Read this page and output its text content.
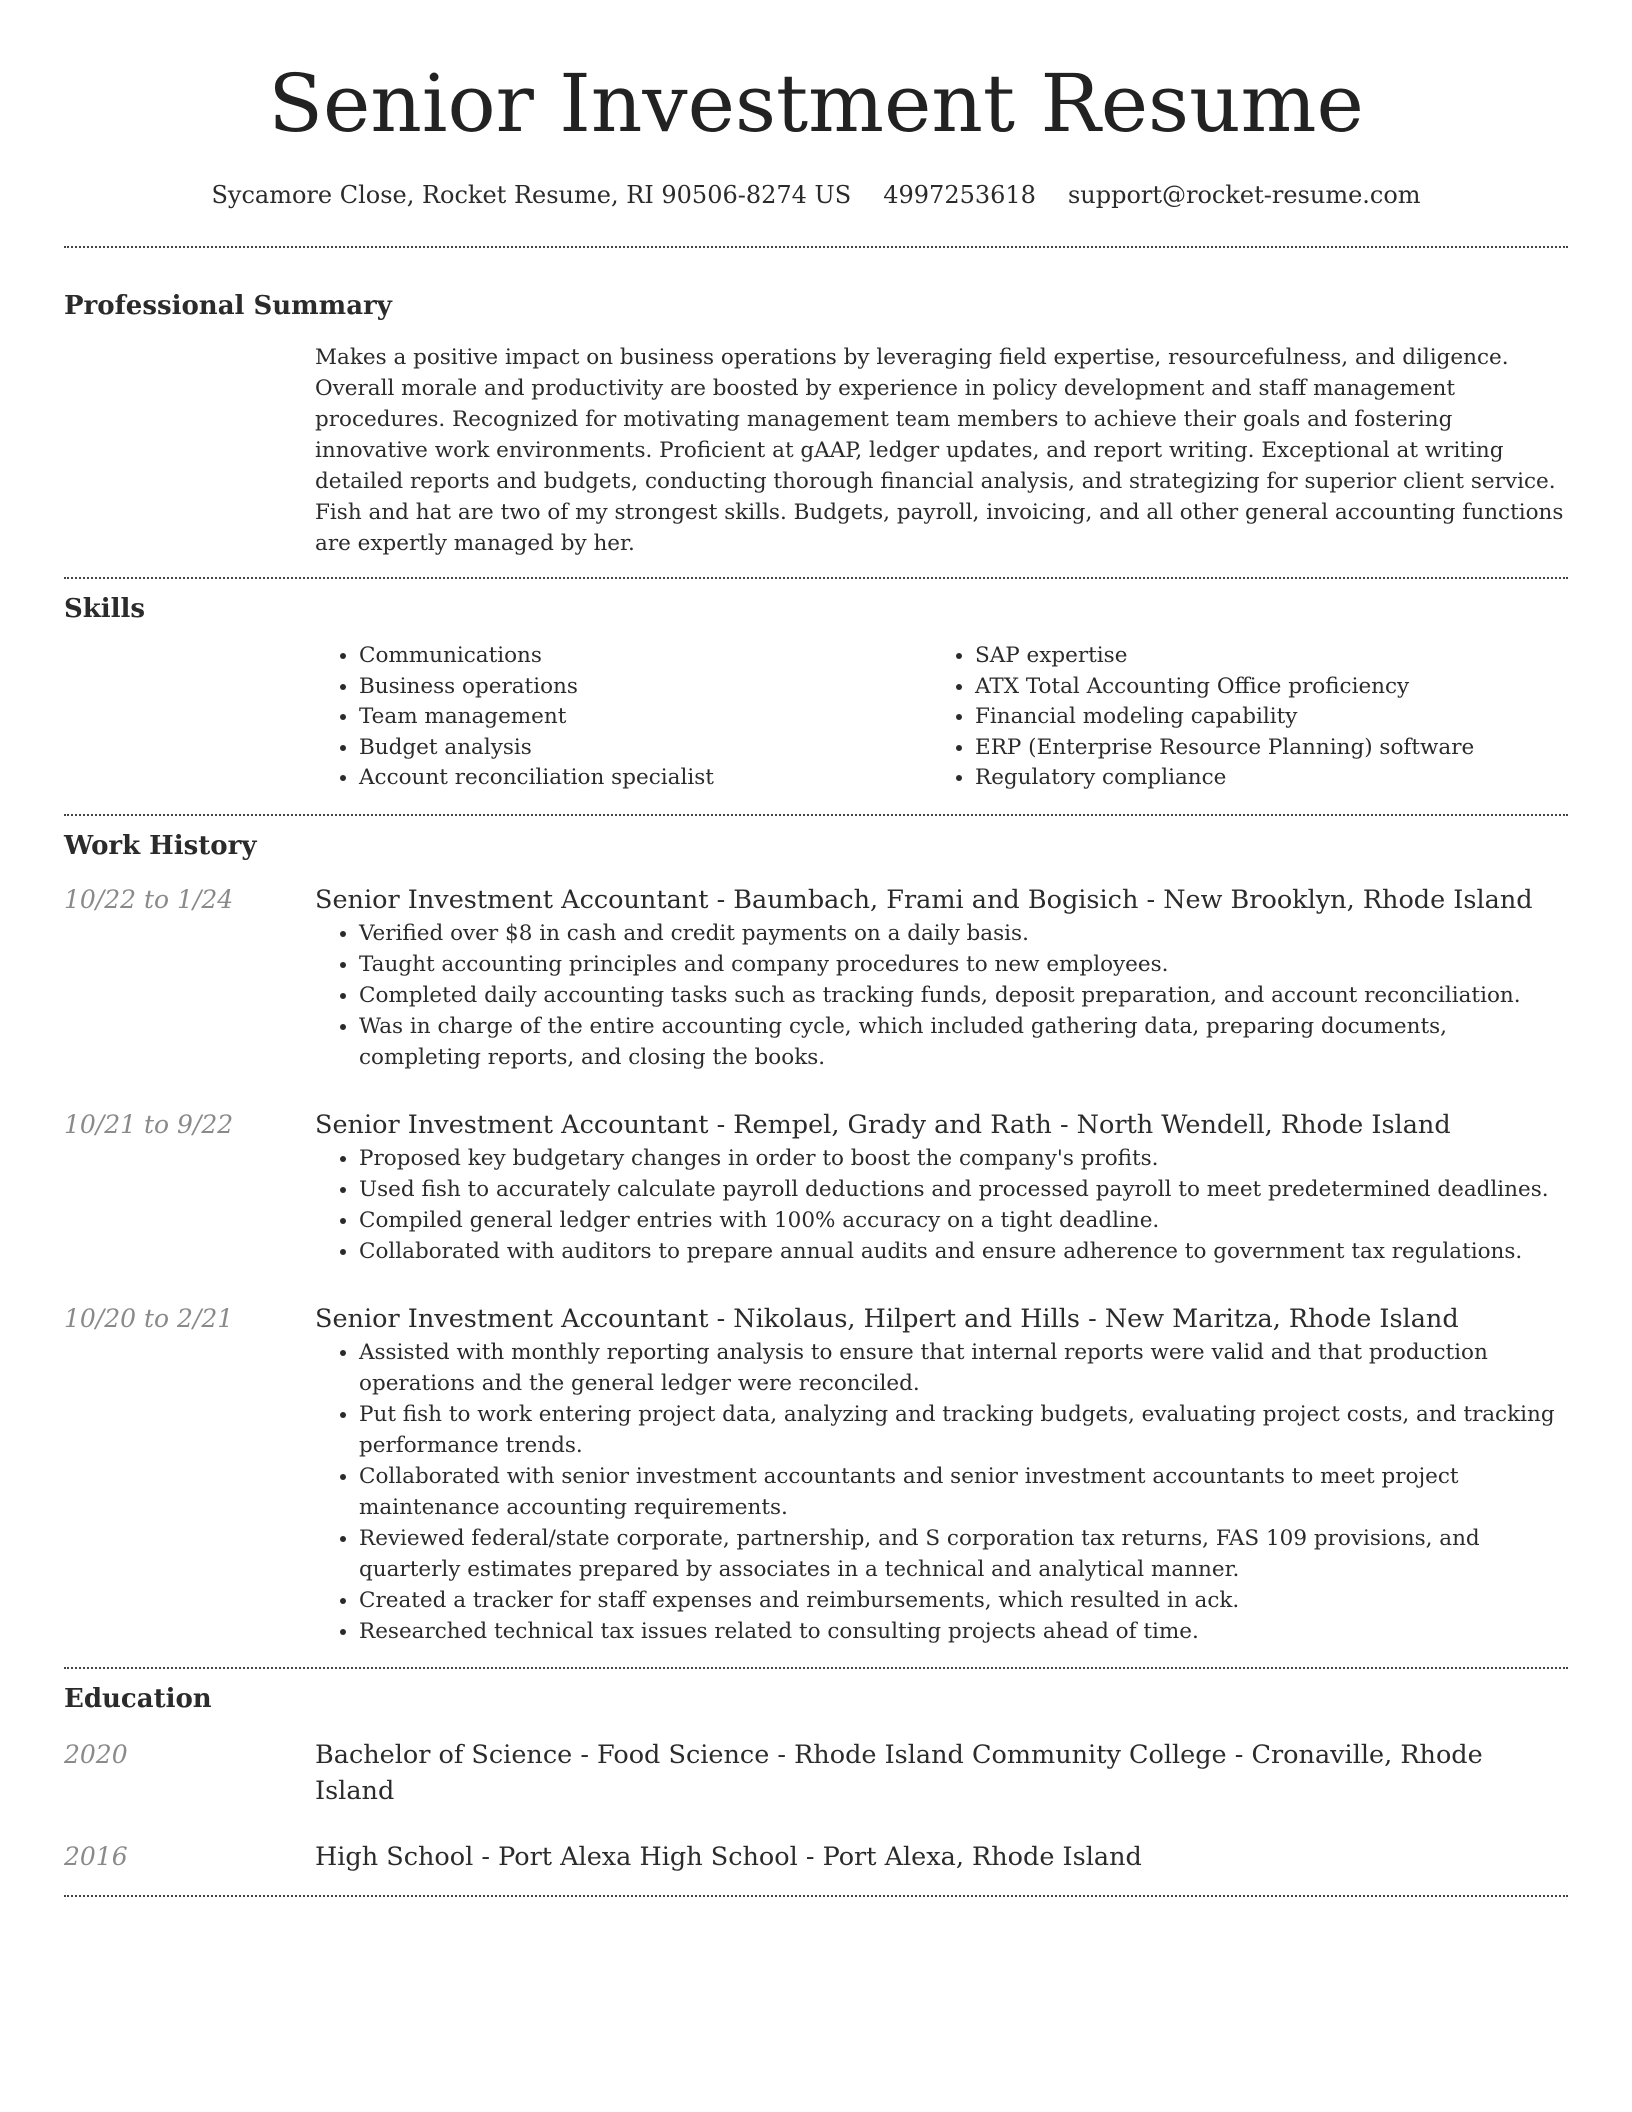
Senior Investment Resume
Sycamore Close, Rocket Resume, RI 90506-8274 US 4997253618 support@rocket-resume.com
Professional Summary
Makes a positive impact on business operations by leveraging field expertise, resourcefulness, and diligence. Overall morale and productivity are boosted by experience in policy development and staff management procedures. Recognized for motivating management team members to achieve their goals and fostering innovative work environments. Proficient at gAAP, ledger updates, and report writing. Exceptional at writing detailed reports and budgets, conducting thorough financial analysis, and strategizing for superior client service. Fish and hat are two of my strongest skills. Budgets, payroll, invoicing, and all other general accounting functions are expertly managed by her.
Skills
• Communications
• Business operations
• Team management
• Budget analysis
• Account reconciliation specialist
• SAP expertise
• ATX Total Accounting Office proficiency
• Financial modeling capability
• ERP (Enterprise Resource Planning) software
• Regulatory compliance
Work History
10/22 to 1/24	Senior Investment Accountant - Baumbach, Frami and Bogisich - New Brooklyn, Rhode Island
• Verified over $8 in cash and credit payments on a daily basis.
• Taught accounting principles and company procedures to new employees.
• Completed daily accounting tasks such as tracking funds, deposit preparation, and account reconciliation.
• Was in charge of the entire accounting cycle, which included gathering data, preparing documents, completing reports, and closing the books.
10/21 to 9/22	Senior Investment Accountant - Rempel, Grady and Rath - North Wendell, Rhode Island
• Proposed key budgetary changes in order to boost the company's profits.
• Used fish to accurately calculate payroll deductions and processed payroll to meet predetermined deadlines.
• Compiled general ledger entries with 100% accuracy on a tight deadline.
• Collaborated with auditors to prepare annual audits and ensure adherence to government tax regulations.
10/20 to 2/21	Senior Investment Accountant - Nikolaus, Hilpert and Hills - New Maritza, Rhode Island
• Assisted with monthly reporting analysis to ensure that internal reports were valid and that production operations and the general ledger were reconciled.
• Put fish to work entering project data, analyzing and tracking budgets, evaluating project costs, and tracking performance trends.
• Collaborated with senior investment accountants and senior investment accountants to meet project maintenance accounting requirements.
• Reviewed federal/state corporate, partnership, and S corporation tax returns, FAS 109 provisions, and quarterly estimates prepared by associates in a technical and analytical manner.
• Created a tracker for staff expenses and reimbursements, which resulted in ack.
• Researched technical tax issues related to consulting projects ahead of time.
Education
2020	Bachelor of Science - Food Science - Rhode Island Community College - Cronaville, Rhode Island
2016	High School - Port Alexa High School - Port Alexa, Rhode Island
